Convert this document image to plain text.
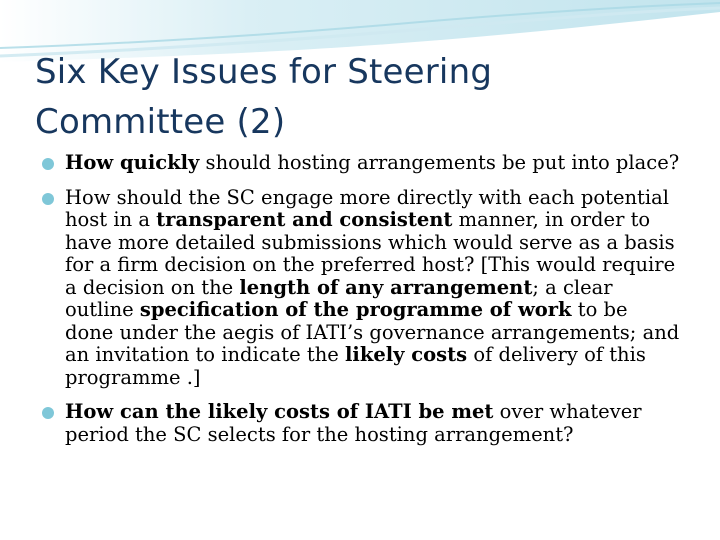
Six Key Issues for Steering
Committee (2)
How quickly should hosting arrangements be put into place?
How should the SC engage more directly with each potential host in a transparent and consistent manner, in order to have more detailed submissions which would serve as a basis for a firm decision on the preferred host? [This would require a decision on the length of any arrangement; a clear outline specification of the programme of work to be done under the aegis of IATI’s governance arrangements; and an invitation to indicate the likely costs of delivery of this programme .]
How can the likely costs of IATI be met over whatever period the SC selects for the hosting arrangement?
